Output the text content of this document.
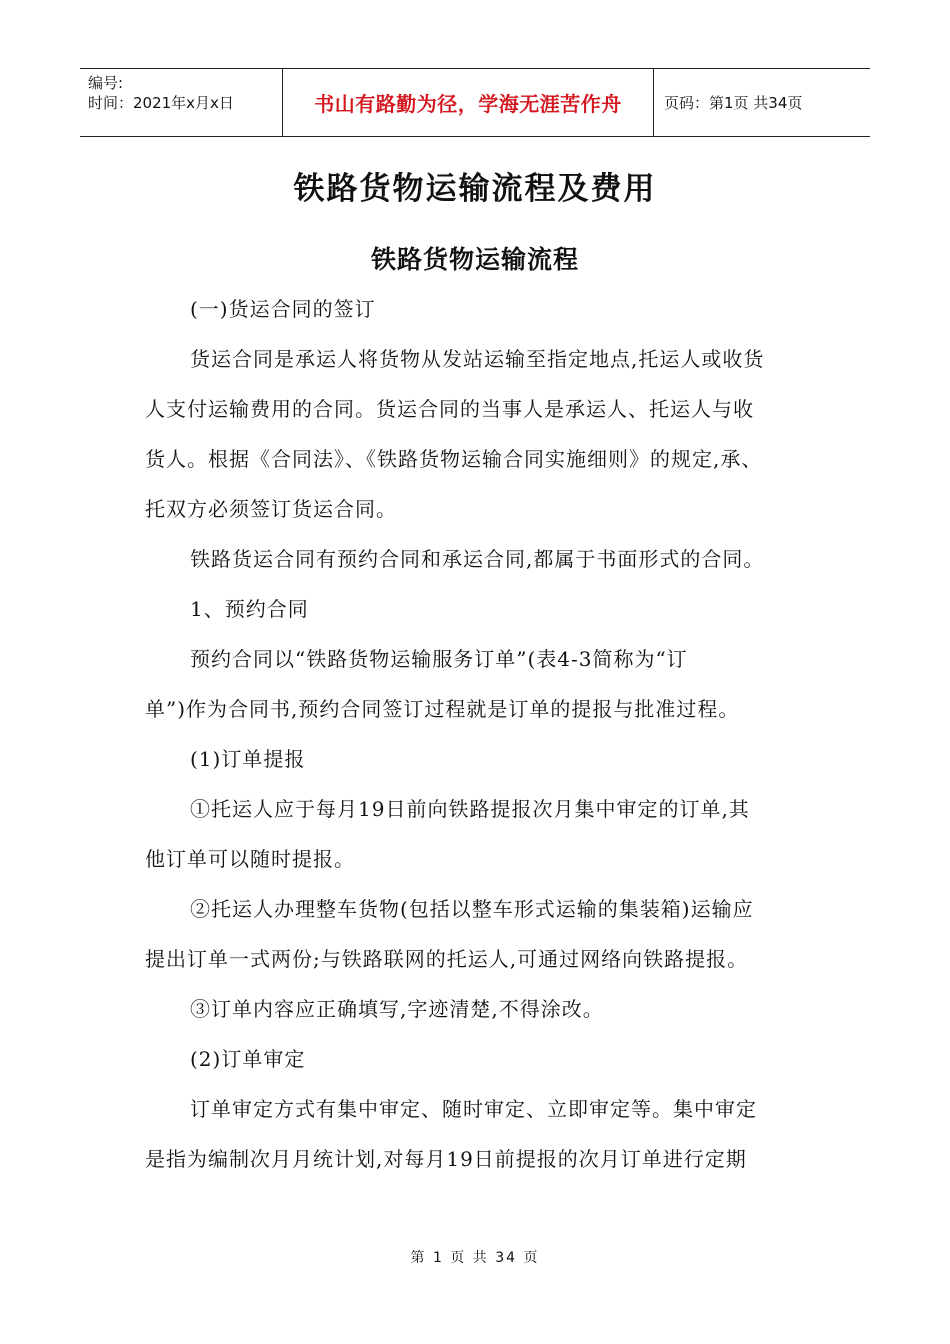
编号:
时间：2021年x月x日	书山有路勤为径，学海无涯苦作舟	页码：第1页 共34页
铁路货物运输流程及费用
铁路货物运输流程
(一)货运合同的签订
货运合同是承运人将货物从发站运输至指定地点,托运人或收货
人支付运输费用的合同。货运合同的当事人是承运人、托运人与收
货人。根据《合同法》、《铁路货物运输合同实施细则》的规定,承、
托双方必须签订货运合同。
铁路货运合同有预约合同和承运合同,都属于书面形式的合同。
1、预约合同
预约合同以“铁路货物运输服务订单”(表4-3简称为“订
单”)作为合同书,预约合同签订过程就是订单的提报与批准过程。
(1)订单提报
①托运人应于每月19日前向铁路提报次月集中审定的订单,其
他订单可以随时提报。
②托运人办理整车货物(包括以整车形式运输的集装箱)运输应
提出订单一式两份;与铁路联网的托运人,可通过网络向铁路提报。
③订单内容应正确填写,字迹清楚,不得涂改。
(2)订单审定
订单审定方式有集中审定、随时审定、立即审定等。集中审定
是指为编制次月月统计划,对每月19日前提报的次月订单进行定期
第 1 页 共 34 页
